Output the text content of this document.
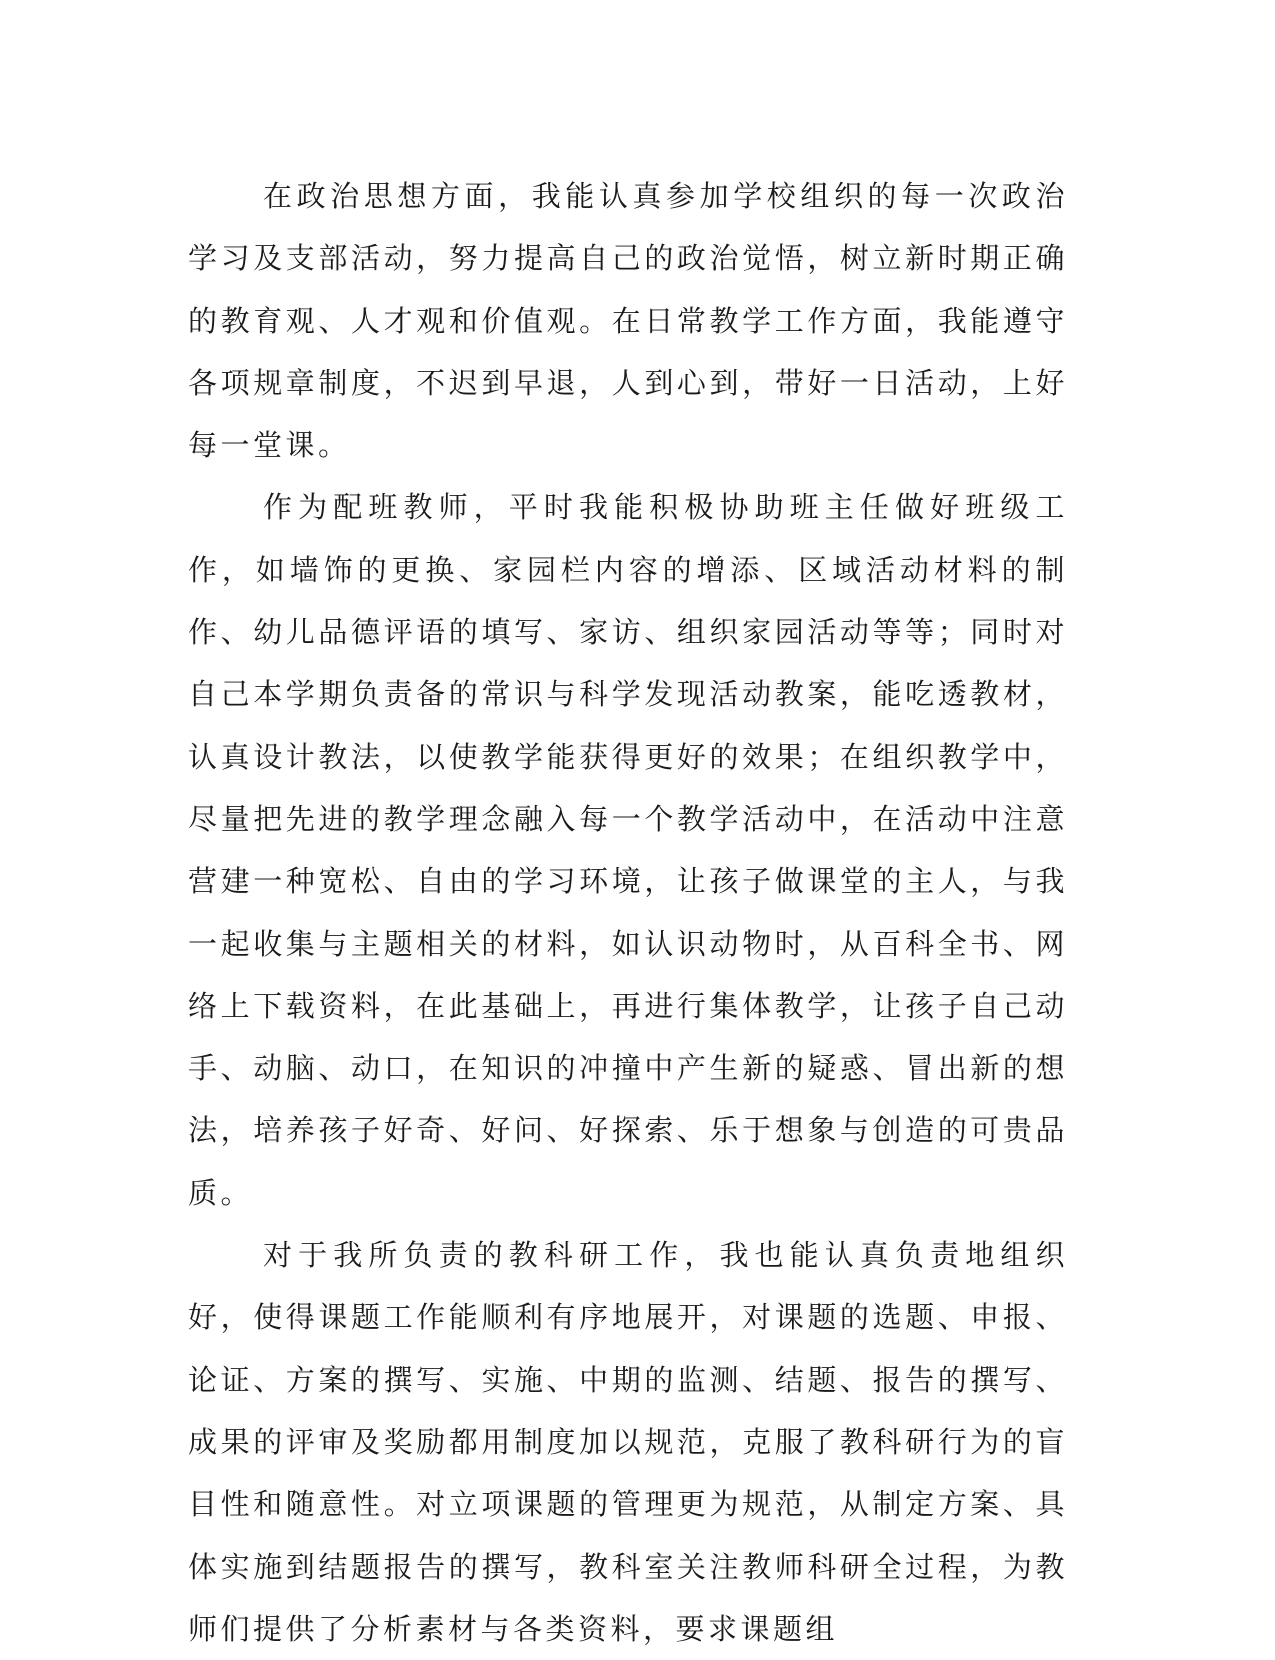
在政治思想方面，我能认真参加学校组织的每一次政治学习及支部活动，努力提高自己的政治觉悟，树立新时期正确的教育观、人才观和价值观。在日常教学工作方面，我能遵守各项规章制度，不迟到早退，人到心到，带好一日活动，上好每一堂课。

作为配班教师，平时我能积极协助班主任做好班级工作，如墙饰的更换、家园栏内容的增添、区域活动材料的制作、幼儿品德评语的填写、家访、组织家园活动等等；同时对自己本学期负责备的常识与科学发现活动教案，能吃透教材，认真设计教法，以使教学能获得更好的效果；在组织教学中，尽量把先进的教学理念融入每一个教学活动中，在活动中注意营建一种宽松、自由的学习环境，让孩子做课堂的主人，与我一起收集与主题相关的材料，如认识动物时，从百科全书、网络上下载资料，在此基础上，再进行集体教学，让孩子自己动手、动脑、动口，在知识的冲撞中产生新的疑惑、冒出新的想法，培养孩子好奇、好问、好探索、乐于想象与创造的可贵品质。

对于我所负责的教科研工作，我也能认真负责地组织好，使得课题工作能顺利有序地展开，对课题的选题、申报、论证、方案的撰写、实施、中期的监测、结题、报告的撰写、成果的评审及奖励都用制度加以规范，克服了教科研行为的盲目性和随意性。对立项课题的管理更为规范，从制定方案、具体实施到结题报告的撰写，教科室关注教师科研全过程，为教师们提供了分析素材与各类资料，要求课题组
